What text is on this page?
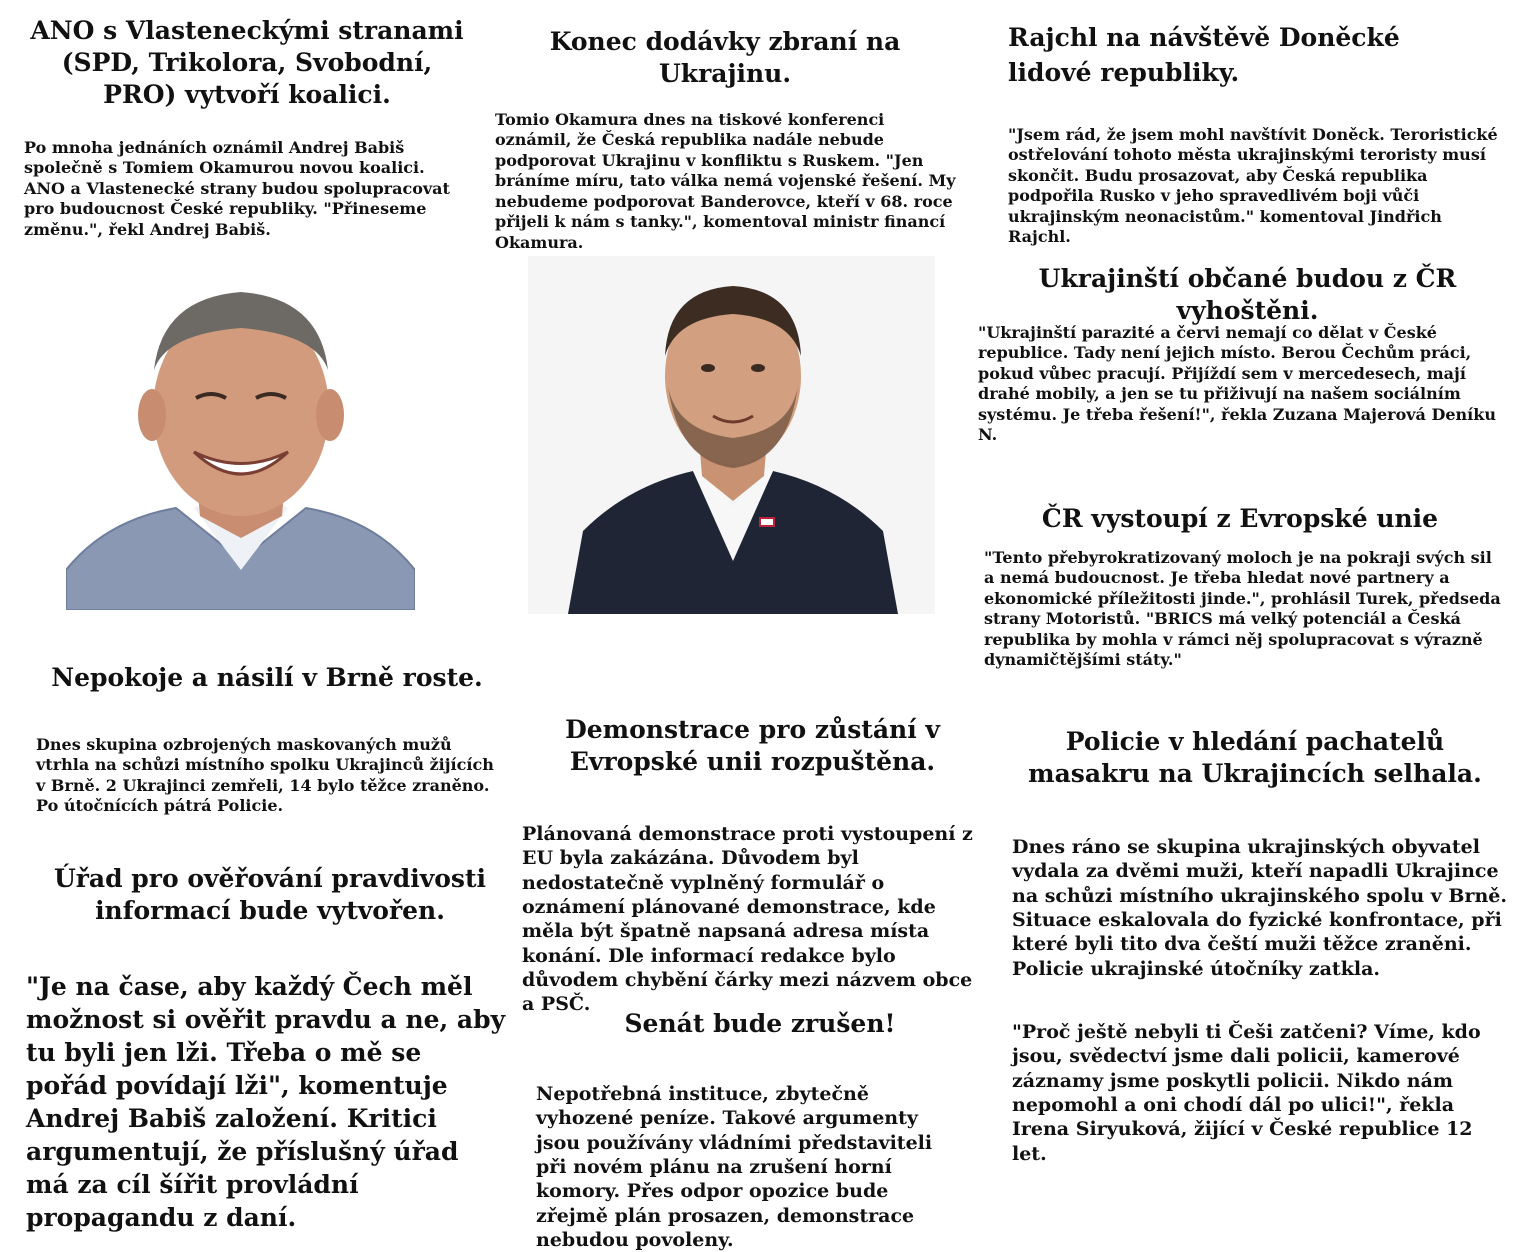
ANO s Vlasteneckými stranami (SPD, Trikolora, Svobodní, PRO) vytvoří koalici.

Po mnoha jednáních oznámil Andrej Babiš společně s Tomiem Okamurou novou koalici. ANO a Vlastenecké strany budou spolupracovat pro budoucnost České republiky. "Přineseme změnu.", řekl Andrej Babiš.

Nepokoje a násilí v Brně roste.

Dnes skupina ozbrojených maskovaných mužů vtrhla na schůzi místního spolku Ukrajinců žijících v Brně. 2 Ukrajinci zemřeli, 14 bylo těžce zraněno. Po útočnících pátrá Policie.

Úřad pro ověřování pravdivosti informací bude vytvořen.

"Je na čase, aby každý Čech měl možnost si ověřit pravdu a ne, aby tu byli jen lži. Třeba o mě se pořád povídají lži", komentuje Andrej Babiš založení. Kritici argumentují, že příslušný úřad má za cíl šířit provládní propagandu z daní.

Konec dodávky zbraní na Ukrajinu.

Tomio Okamura dnes na tiskové konferenci oznámil, že Česká republika nadále nebude podporovat Ukrajinu v konfliktu s Ruskem. "Jen bráníme míru, tato válka nemá vojenské řešení. My nebudeme podporovat Banderovce, kteří v 68. roce přijeli k nám s tanky.", komentoval ministr financí Okamura.

Demonstrace pro zůstání v Evropské unii rozpuštěna.

Plánovaná demonstrace proti vystoupení z EU byla zakázána. Důvodem byl nedostatečně vyplněný formulář o oznámení plánované demonstrace, kde měla být špatně napsaná adresa místa konání. Dle informací redakce bylo důvodem chybění čárky mezi názvem obce a PSČ.

Senát bude zrušen!

Nepotřebná instituce, zbytečně vyhozené peníze. Takové argumenty jsou používány vládními představiteli při novém plánu na zrušení horní komory. Přes odpor opozice bude zřejmě plán prosazen, demonstrace nebudou povoleny.

Rajchl na návštěvě Doněcké lidové republiky.

"Jsem rád, že jsem mohl navštívit Doněck. Teroristické ostřelování tohoto města ukrajinskými teroristy musí skončit. Budu prosazovat, aby Česká republika podpořila Rusko v jeho spravedlivém boji vůči ukrajinským neonacistům." komentoval Jindřich Rajchl.

Ukrajinští občané budou z ČR vyhoštěni.

"Ukrajinští parazité a červi nemají co dělat v České republice. Tady není jejich místo. Berou Čechům práci, pokud vůbec pracují. Přijíždí sem v mercedesech, mají drahé mobily, a jen se tu přiživují na našem sociálním systému. Je třeba řešení!", řekla Zuzana Majerová Deníku N.

ČR vystoupí z Evropské unie

"Tento přebyrokratizovaný moloch je na pokraji svých sil a nemá budoucnost. Je třeba hledat nové partnery a ekonomické příležitosti jinde.", prohlásil Turek, předseda strany Motoristů. "BRICS má velký potenciál a Česká republika by mohla v rámci něj spolupracovat s výrazně dynamičtějšími státy."

Policie v hledání pachatelů masakru na Ukrajincích selhala.

Dnes ráno se skupina ukrajinských obyvatel vydala za dvěmi muži, kteří napadli Ukrajince na schůzi místního ukrajinského spolu v Brně. Situace eskalovala do fyzické konfrontace, při které byli tito dva čeští muži těžce zraněni. Policie ukrajinské útočníky zatkla.

"Proč ještě nebyli ti Češi zatčeni? Víme, kdo jsou, svědectví jsme dali policii, kamerové záznamy jsme poskytli policii. Nikdo nám nepomohl a oni chodí dál po ulici!", řekla Irena Siryuková, žijící v České republice 12 let.
